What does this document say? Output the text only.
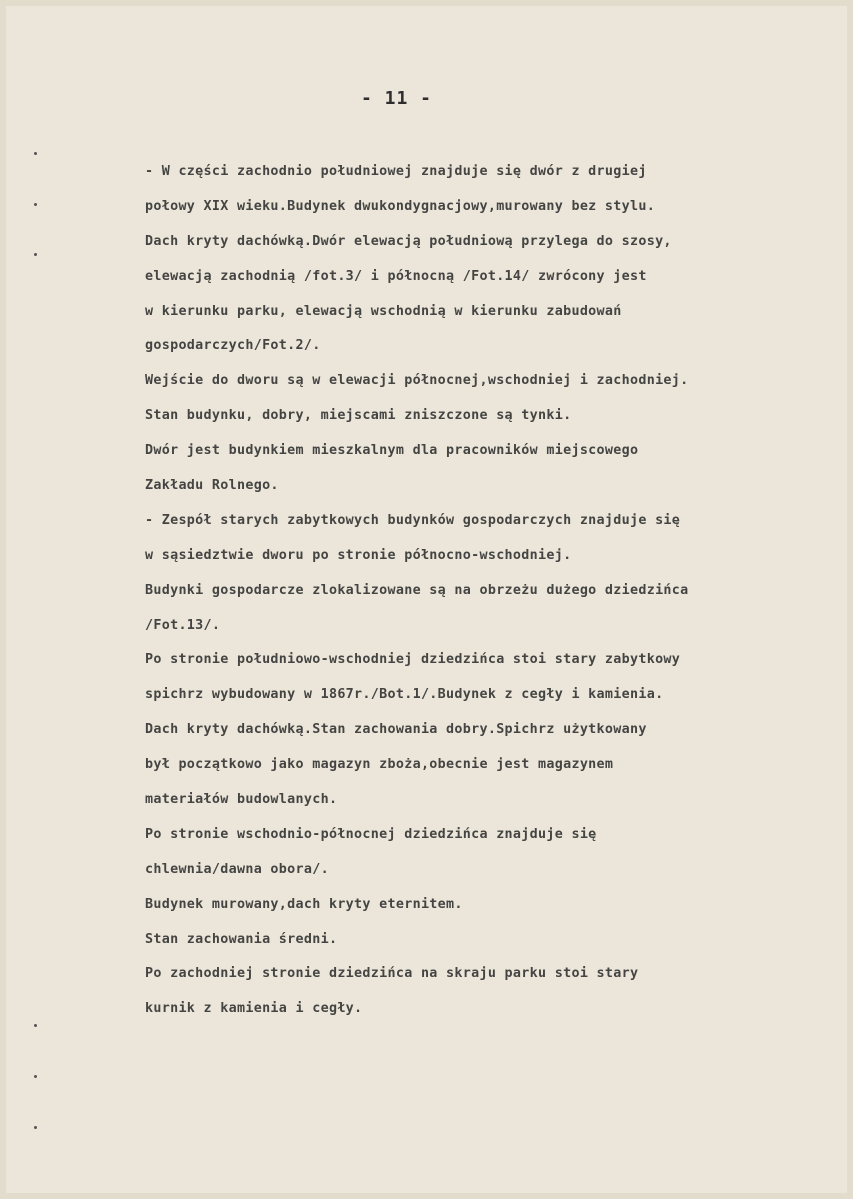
- 11 -
- W części zachodnio południowej znajduje się dwór z drugiej
połowy XIX wieku.Budynek dwukondygnacjowy,murowany bez stylu.
Dach kryty dachówką.Dwór elewacją południową przylega do szosy,
elewacją zachodnią /fot.3/ i północną /Fot.14/ zwrócony jest
w kierunku parku, elewacją wschodnią w kierunku zabudowań
gospodarczych/Fot.2/.
Wejście do dworu są w elewacji północnej,wschodniej i zachodniej.
Stan budynku, dobry, miejscami zniszczone są tynki.
Dwór jest budynkiem mieszkalnym dla pracowników miejscowego
Zakładu Rolnego.
- Zespół starych zabytkowych budynków gospodarczych znajduje się
w sąsiedztwie dworu po stronie północno-wschodniej.
Budynki gospodarcze zlokalizowane są na obrzeżu dużego dziedzińca
/Fot.13/.
Po stronie południowo-wschodniej dziedzińca stoi stary zabytkowy
spichrz wybudowany w 1867r./Bot.1/.Budynek z cegły i kamienia.
Dach kryty dachówką.Stan zachowania dobry.Spichrz użytkowany
był początkowo jako magazyn zboża,obecnie jest magazynem
materiałów budowlanych.
Po stronie wschodnio-północnej dziedzińca znajduje się
chlewnia/dawna obora/.
Budynek murowany,dach kryty eternitem.
Stan zachowania średni.
Po zachodniej stronie dziedzińca na skraju parku stoi stary
kurnik z kamienia i cegły.
